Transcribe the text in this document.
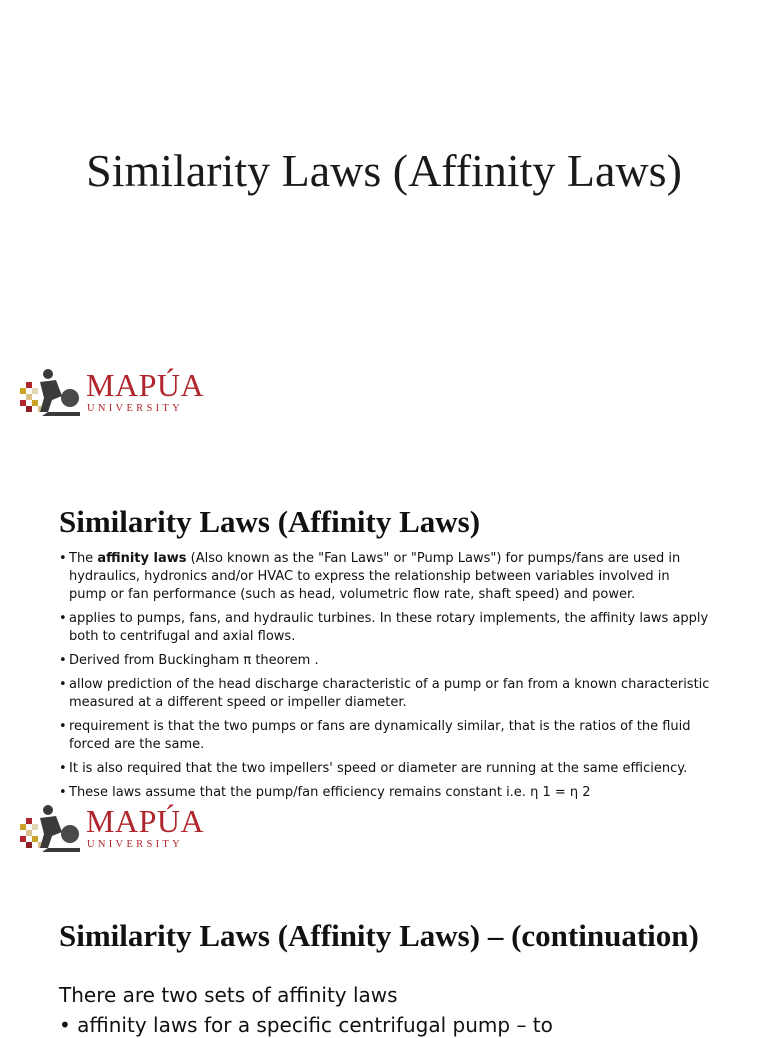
Similarity Laws (Affinity Laws)
MAPÚA
UNIVERSITY
Similarity Laws (Affinity Laws)
• The affinity laws (Also known as the "Fan Laws" or "Pump Laws") for pumps/fans are used in hydraulics, hydronics and/or HVAC to express the relationship between variables involved in pump or fan performance (such as head, volumetric flow rate, shaft speed) and power.
• applies to pumps, fans, and hydraulic turbines. In these rotary implements, the affinity laws apply both to centrifugal and axial flows.
• Derived from Buckingham π theorem .
• allow prediction of the head discharge characteristic of a pump or fan from a known characteristic measured at a different speed or impeller diameter.
• requirement is that the two pumps or fans are dynamically similar, that is the ratios of the fluid forced are the same.
• It is also required that the two impellers' speed or diameter are running at the same efficiency.
• These laws assume that the pump/fan efficiency remains constant i.e. η 1 = η 2
MAPÚA
UNIVERSITY
Similarity Laws (Affinity Laws) – (continuation)
There are two sets of affinity laws
• affinity laws for a specific centrifugal pump – to
